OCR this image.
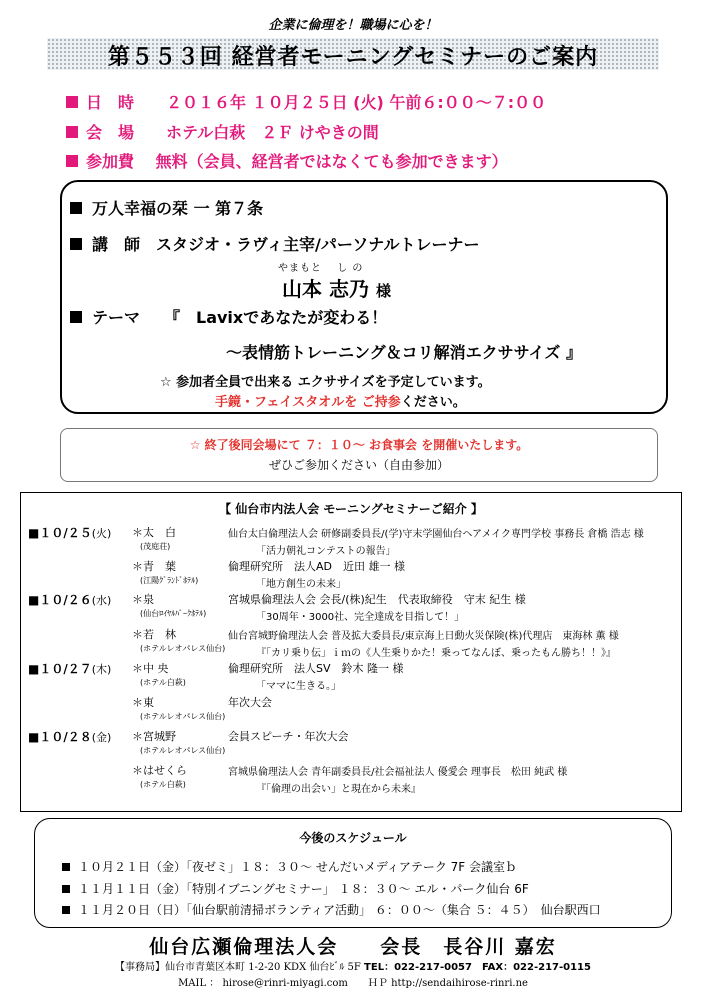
企業に倫理を！職場に心を！
第５５３回 経営者モーニングセミナーのご案内
日　時　　２０１６年 １０月２５日 (火) 午前６:００～７:００
会　場　　ホテル白萩　２Ｆ けやきの間
参加費　 無料（会員、経営者ではなくても参加できます）
万人幸福の栞 一 第７条
講　師　スタジオ・ラヴィ主宰/パーソナルトレーナー
やまもと　 し の
山本 志乃 様
テーマ　　『　Lavixであなたが変わる！
～表情筋トレーニング＆コリ解消エクササイズ 』
☆ 参加者全員で出来る エクササイズを予定しています。
手鏡・フェイスタオルを ご持参ください。
☆ 終了後同会場にて ７：１０～ お食事会 を開催いたします。
ぜひご参加ください（自由参加）
【 仙台市内法人会 モーニングセミナーご紹介 】
■１０/２５(火) ＊太　白
(茂庭荘)
仙台太白倫理法人会 研修副委員長/(学)守末学園仙台ヘアメイク専門学校 事務長 倉橋 浩志 様
「活力朝礼コンテストの報告」
＊青　葉
(江陽ｸﾞﾗﾝﾄﾞﾎﾃﾙ)
倫理研究所　法人AD　近田 雄一 様
「地方創生の未来」
■１０/２６(水) ＊泉
(仙台ﾛｲﾔﾙﾊﾟｰｸﾎﾃﾙ)
宮城県倫理法人会 会長/(株)紀生　代表取締役　守末 紀生 様
「30周年・3000社、完全達成を目指して！」
＊若　林
(ホテルレオパレス仙台)
仙台宮城野倫理法人会 普及拡大委員長/東京海上日動火災保険(株)代理店　東海林 薫 様
『「カリ乗り伝」ｉｍの《人生乗りかた！乗ってなんぼ、乗ったもん勝ち！！》』
■１０/２７(木) ＊中 央
(ホテル白萩)
倫理研究所　法人SV　鈴木 隆一 様
「ママに生きる。」
＊東
(ホテルレオパレス仙台)
年次大会
■１０/２８(金) ＊宮城野
(ホテルレオパレス仙台)
会員スピーチ・年次大会
＊はせくら
(ホテル白萩)
宮城県倫理法人会 青年副委員長/社会福祉法人 優愛会 理事長　松田 純武 様
『「倫理の出会い」と現在から未来』
今後のスケジュール
１０月２１日（金）「夜ゼミ」１８：３０～ せんだいメディアテーク 7F 会議室ｂ
１１月１１日（金）「特別イブニングセミナー」 １８：３０～ エル・パーク仙台 6F
１１月２０日（日）「仙台駅前清掃ボランティア活動」 ６：００～（集合 ５：４５）　仙台駅西口
仙台広瀬倫理法人会　　会長　長谷川 嘉宏
【事務局】仙台市青葉区本町 1-2-20 KDX 仙台ﾋﾞﾙ 5F TEL：022-217-0057　FAX：022-217-0115
MAIL ： hirose@rinri-miyagi.com　　ＨＰ http://sendaihirose-rinri.ne
